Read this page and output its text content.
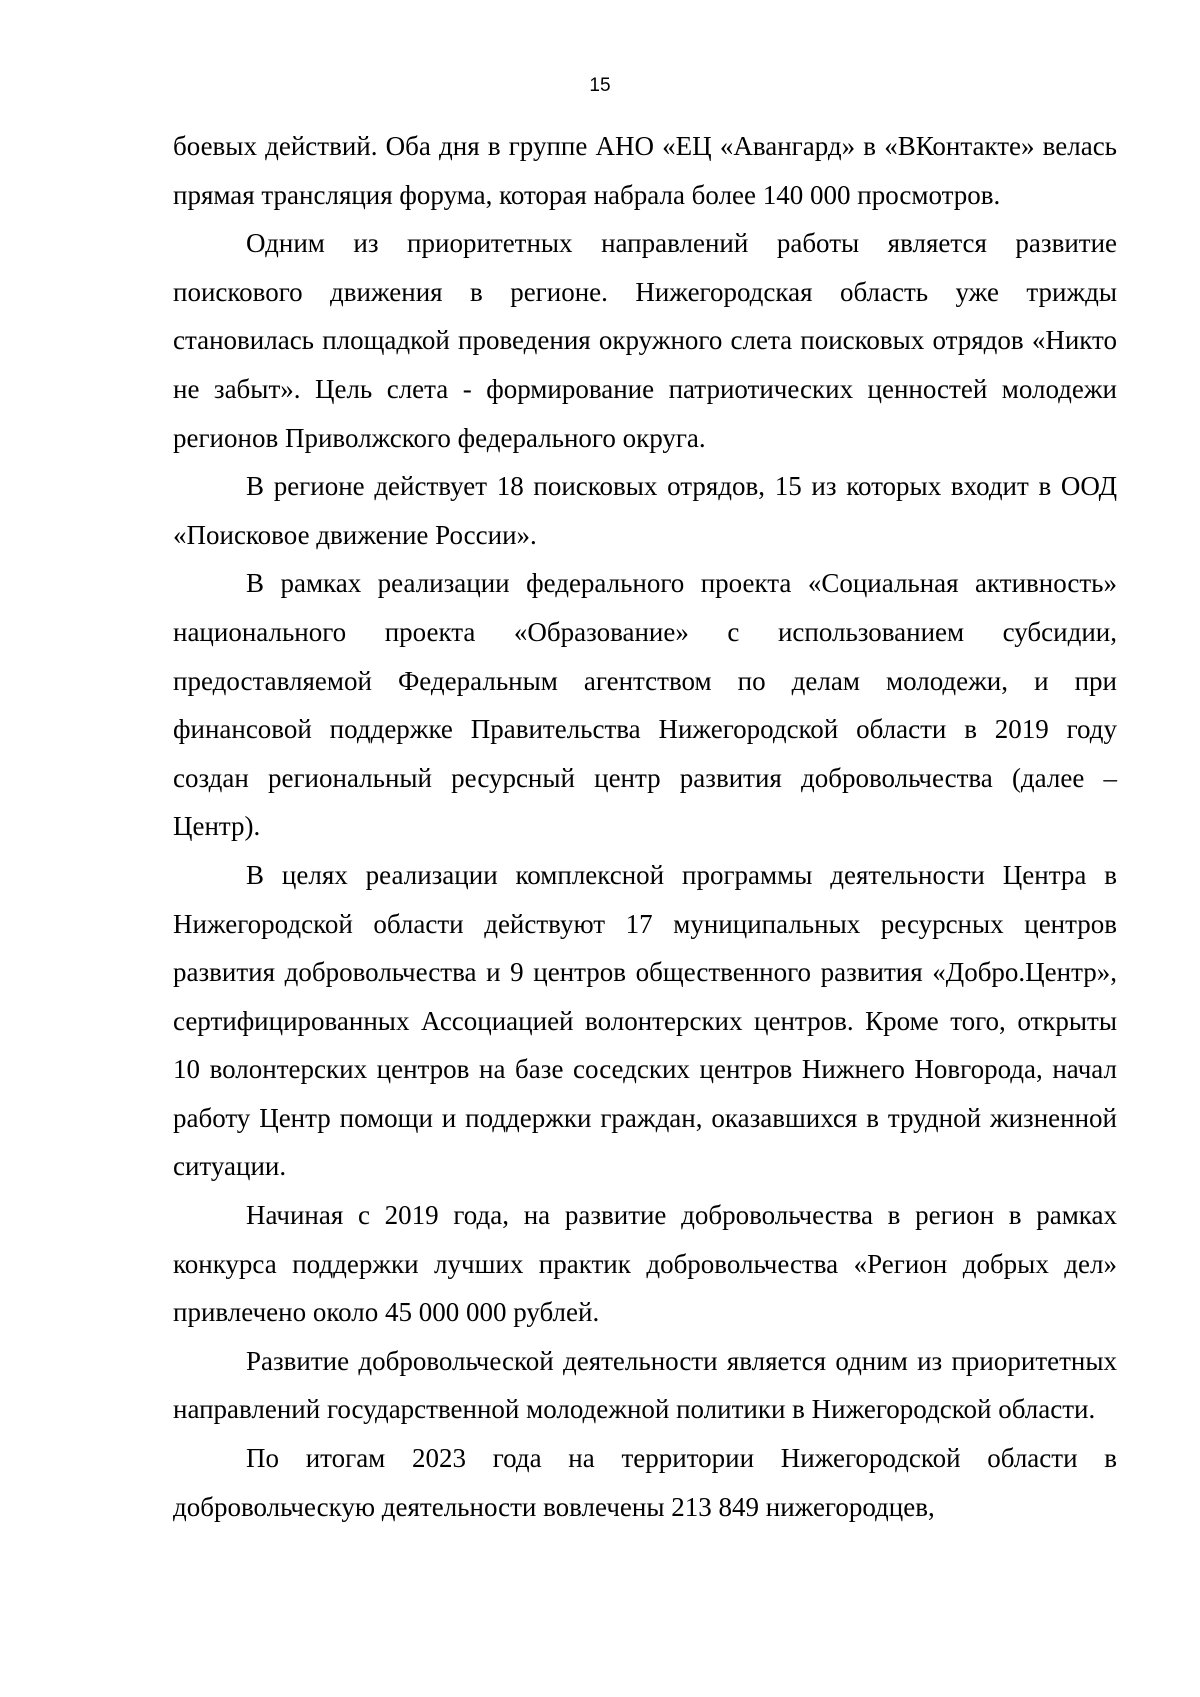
15

боевых действий. Оба дня в группе АНО «ЕЦ «Авангард» в «ВКонтакте» велась прямая трансляция форума, которая набрала более 140 000 просмотров.

Одним из приоритетных направлений работы является развитие поискового движения в регионе. Нижегородская область уже трижды становилась площадкой проведения окружного слета поисковых отрядов «Никто не забыт». Цель слета - формирование патриотических ценностей молодежи регионов Приволжского федерального округа.

В регионе действует 18 поисковых отрядов, 15 из которых входит в ООД «Поисковое движение России».

В рамках реализации федерального проекта «Социальная активность» национального проекта «Образование» с использованием субсидии, предоставляемой Федеральным агентством по делам молодежи, и при финансовой поддержке Правительства Нижегородской области в 2019 году создан региональный ресурсный центр развития добровольчества (далее – Центр).

В целях реализации комплексной программы деятельности Центра в Нижегородской области действуют 17 муниципальных ресурсных центров развития добровольчества и 9 центров общественного развития «Добро.Центр», сертифицированных Ассоциацией волонтерских центров. Кроме того, открыты 10 волонтерских центров на базе соседских центров Нижнего Новгорода, начал работу Центр помощи и поддержки граждан, оказавшихся в трудной жизненной ситуации.

Начиная с 2019 года, на развитие добровольчества в регион в рамках конкурса поддержки лучших практик добровольчества «Регион добрых дел» привлечено около 45 000 000 рублей.

Развитие добровольческой деятельности является одним из приоритетных направлений государственной молодежной политики в Нижегородской области.

По итогам 2023 года на территории Нижегородской области в добровольческую деятельности вовлечены 213 849 нижегородцев,
